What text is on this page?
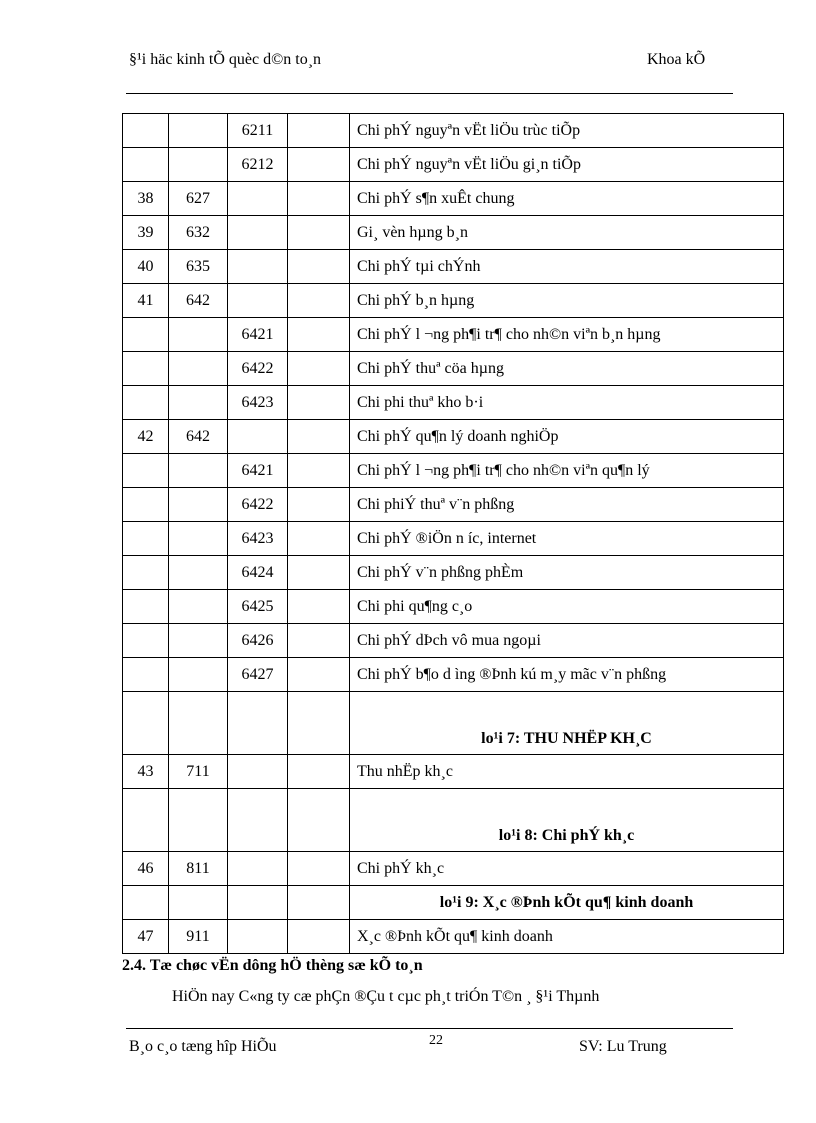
§¹i häc kinh tÕ quèc d©n to¸n	Khoa kÕ
		6211		Chi phÝ nguyªn vËt liÖu trùc tiÕp
		6212		Chi phÝ nguyªn vËt liÖu gi¸n tiÕp
38	627			Chi phÝ s¶n xuÊt chung
39	632			Gi¸ vèn hµng b¸n
40	635			Chi phÝ tµi chÝnh
41	642			Chi phÝ b¸n hµng
		6421		Chi phÝ l ¬ng ph¶i tr¶ cho nh©n viªn b¸n hµng
		6422		Chi phÝ thuª cöa hµng
		6423		Chi phi thuª kho b·i
42	642			Chi phÝ qu¶n lý doanh nghiÖp
		6421		Chi phÝ l ¬ng ph¶i tr¶ cho nh©n viªn qu¶n lý
		6422		Chi phiÝ thuª v¨n phßng
		6423		Chi phÝ ®iÖn n íc, internet
		6424		Chi phÝ v¨n phßng phÈm
		6425		Chi phi qu¶ng c¸o
		6426		Chi phÝ dÞch vô mua ngoµi
		6427		Chi phÝ b¶o d ìng ®Þnh kú m¸y mãc v¨n phßng
				lo¹i 7: THU NHËP KH¸C
43	711			Thu nhËp kh¸c
				lo¹i 8: Chi phÝ kh¸c
46	811			Chi phÝ kh¸c
				lo¹i 9: X¸c ®Þnh kÕt qu¶ kinh doanh
47	911			X¸c ®Þnh kÕt qu¶ kinh doanh
2.4. Tæ chøc vËn dông hÖ thèng sæ kÕ to¸n
HiÖn nay C«ng ty cæ phÇn ®Çu t cµc ph¸t triÓn T©n ¸ §¹i Thµnh
B¸o c¸o tæng hîp HiÕu	22	SV: Lu Trung
